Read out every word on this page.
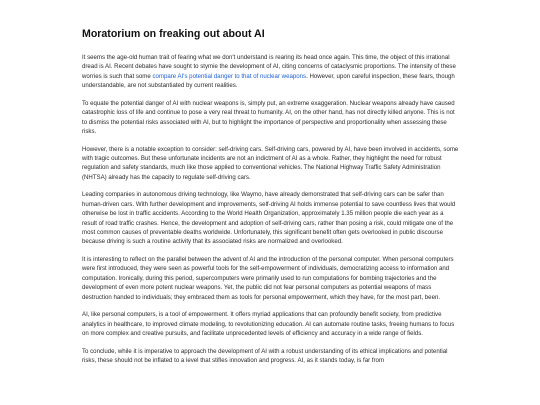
Moratorium on freaking out about AI

It seems the age-old human trait of fearing what we don't understand is rearing its head once again. This time, the object of this irrational dread is AI. Recent debates have sought to stymie the development of AI, citing concerns of cataclysmic proportions. The intensity of these worries is such that some compare AI's potential danger to that of nuclear weapons. However, upon careful inspection, these fears, though understandable, are not substantiated by current realities.

To equate the potential danger of AI with nuclear weapons is, simply put, an extreme exaggeration. Nuclear weapons already have caused catastrophic loss of life and continue to pose a very real threat to humanity. AI, on the other hand, has not directly killed anyone. This is not to dismiss the potential risks associated with AI, but to highlight the importance of perspective and proportionality when assessing these risks.

However, there is a notable exception to consider: self-driving cars. Self-driving cars, powered by AI, have been involved in accidents, some with tragic outcomes. But these unfortunate incidents are not an indictment of AI as a whole. Rather, they highlight the need for robust regulation and safety standards, much like those applied to conventional vehicles. The National Highway Traffic Safety Administration (NHTSA) already has the capacity to regulate self-driving cars.

Leading companies in autonomous driving technology, like Waymo, have already demonstrated that self-driving cars can be safer than human-driven cars. With further development and improvements, self-driving AI holds immense potential to save countless lives that would otherwise be lost in traffic accidents. According to the World Health Organization, approximately 1.35 million people die each year as a result of road traffic crashes. Hence, the development and adoption of self-driving cars, rather than posing a risk, could mitigate one of the most common causes of preventable deaths worldwide. Unfortunately, this significant benefit often gets overlooked in public discourse because driving is such a routine activity that its associated risks are normalized and overlooked.

It is interesting to reflect on the parallel between the advent of AI and the introduction of the personal computer. When personal computers were first introduced, they were seen as powerful tools for the self-empowerment of individuals, democratizing access to information and computation. Ironically, during this period, supercomputers were primarily used to run computations for bombing trajectories and the development of even more potent nuclear weapons. Yet, the public did not fear personal computers as potential weapons of mass destruction handed to individuals; they embraced them as tools for personal empowerment, which they have, for the most part, been.

AI, like personal computers, is a tool of empowerment. It offers myriad applications that can profoundly benefit society, from predictive analytics in healthcare, to improved climate modeling, to revolutionizing education. AI can automate routine tasks, freeing humans to focus on more complex and creative pursuits, and facilitate unprecedented levels of efficiency and accuracy in a wide range of fields.

To conclude, while it is imperative to approach the development of AI with a robust understanding of its ethical implications and potential risks, these should not be inflated to a level that stifles innovation and progress. AI, as it stands today, is far from
